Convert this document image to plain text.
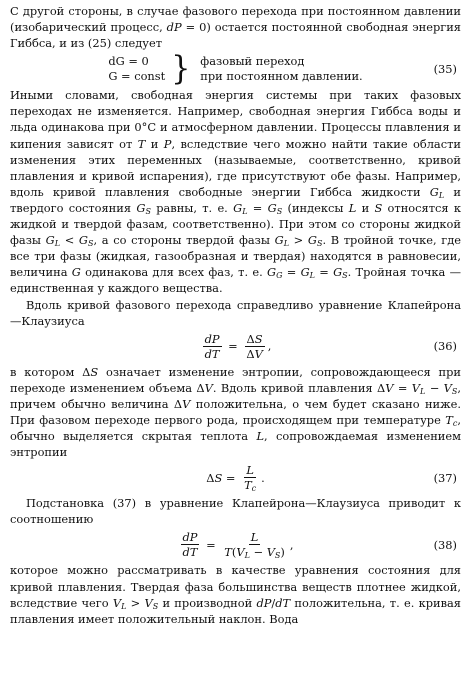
С другой стороны, в случае фазового перехода при постоянном давлении (изобарический процесс, dP = 0) остается постоянной свободная энергия Гиббса, и из (25) следует

dG = 0
G = const } фазовый переход
при постоянном давлении.
(35)

Иными словами, свободная энергия системы при таких фазовых переходах не изменяется. Например, свободная энергия Гиббса воды и льда одинакова при 0°С и атмосферном давлении. Процессы плавления и кипения зависят от T и P, вследствие чего можно найти такие области изменения этих переменных (называемые, соответственно, кривой плавления и кривой испарения), где присутствуют обе фазы. Например, вдоль кривой плавления свободные энергии Гиббса жидкости $G_L$ и твердого состояния $G_S$ равны, т. е. $G_L = G_S$ (индексы L и S относятся к жидкой и твердой фазам, соответственно). При этом со стороны жидкой фазы $G_L < G_S$, а со стороны твердой фазы $G_L > G_S$. В тройной точке, где все три фазы (жидкая, газообразная и твердая) находятся в равновесии, величина G одинакова для всех фаз, т. е. $G_G = G_L = G_S$. Тройная точка — единственная у каждого вещества.

Вдоль кривой фазового перехода справедливо уравнение Клапейрона—Клаузиуса

$\frac{dP}{dT} = \frac{\Delta S}{\Delta V}$ ,	(36)

в котором ΔS означает изменение энтропии, сопровождающееся при переходе изменением объема ΔV. Вдоль кривой плавления $\Delta V = V_L - V_S$, причем обычно величина ΔV положительна, о чем будет сказано ниже. При фазовом переходе первого рода, происходящем при температуре $T_c$, обычно выделяется скрытая теплота L, сопровождаемая изменением энтропии

$\Delta S = \frac{L}{T_c}$ .	(37)

Подстановка (37) в уравнение Клапейрона—Клаузиуса приводит к соотношению

$\frac{dP}{dT} = \frac{L}{T(V_L - V_S)}$ ,	(38)

которое можно рассматривать в качестве уравнения состояния для кривой плавления. Твердая фаза большинства веществ плотнее жидкой, вследствие чего $V_L > V_S$ и производной dP/dT положительна, т. е. кривая плавления имеет положительный наклон. Вода
